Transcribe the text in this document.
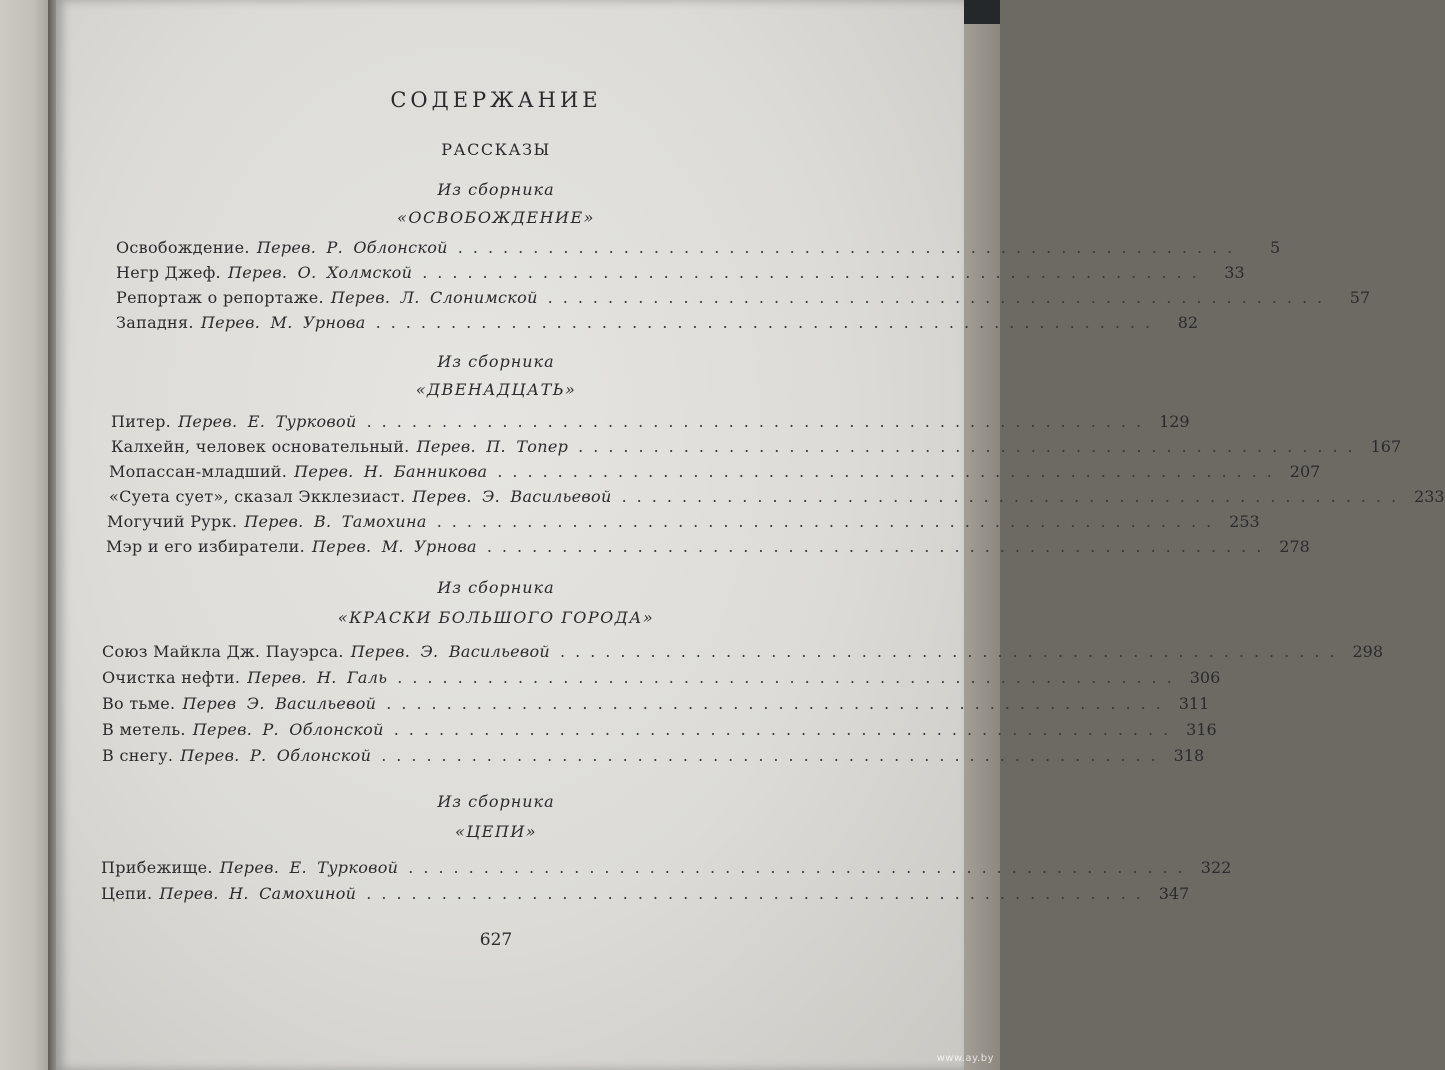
СОДЕРЖАНИЕ
РАССКАЗЫ
Из сборника
«ОСВОБОЖДЕНИЕ»
Освобождение. Перев. Р. Облонской ....................................................	5
Негр Джеф. Перев. О. Холмской ....................................................	33
Репортаж о репортаже. Перев. Л. Слонимской ....................................................	57
Западня. Перев. М. Урнова ....................................................	82
Из сборника
«ДВЕНАДЦАТЬ»
Питер. Перев. Е. Турковой .................................................... 129
Калхейн, человек основательный. Перев. П. Топер .................................................... 167
Мопассан-младший. Перев. Н. Банникова .................................................... 207
«Суета сует», сказал Экклезиаст. Перев. Э. Васильевой .................................................... 233
Могучий Рурк. Перев. В. Тамохина .................................................... 253
Мэр и его избиратели. Перев. М. Урнова .................................................... 278
Из сборника
«КРАСКИ БОЛЬШОГО ГОРОДА»
Союз Майкла Дж. Пауэрса. Перев. Э. Васильевой .................................................... 298
Очистка нефти. Перев. Н. Галь .................................................... 306
Во тьме. Перев Э. Васильевой .................................................... 311
В метель. Перев. Р. Облонской .................................................... 316
В снегу. Перев. Р. Облонской .................................................... 318
Из сборника
«ЦЕПИ»
Прибежище. Перев. Е. Турковой .................................................... 322
Цепи. Перев. Н. Самохиной .................................................... 347
627
www.ay.by
